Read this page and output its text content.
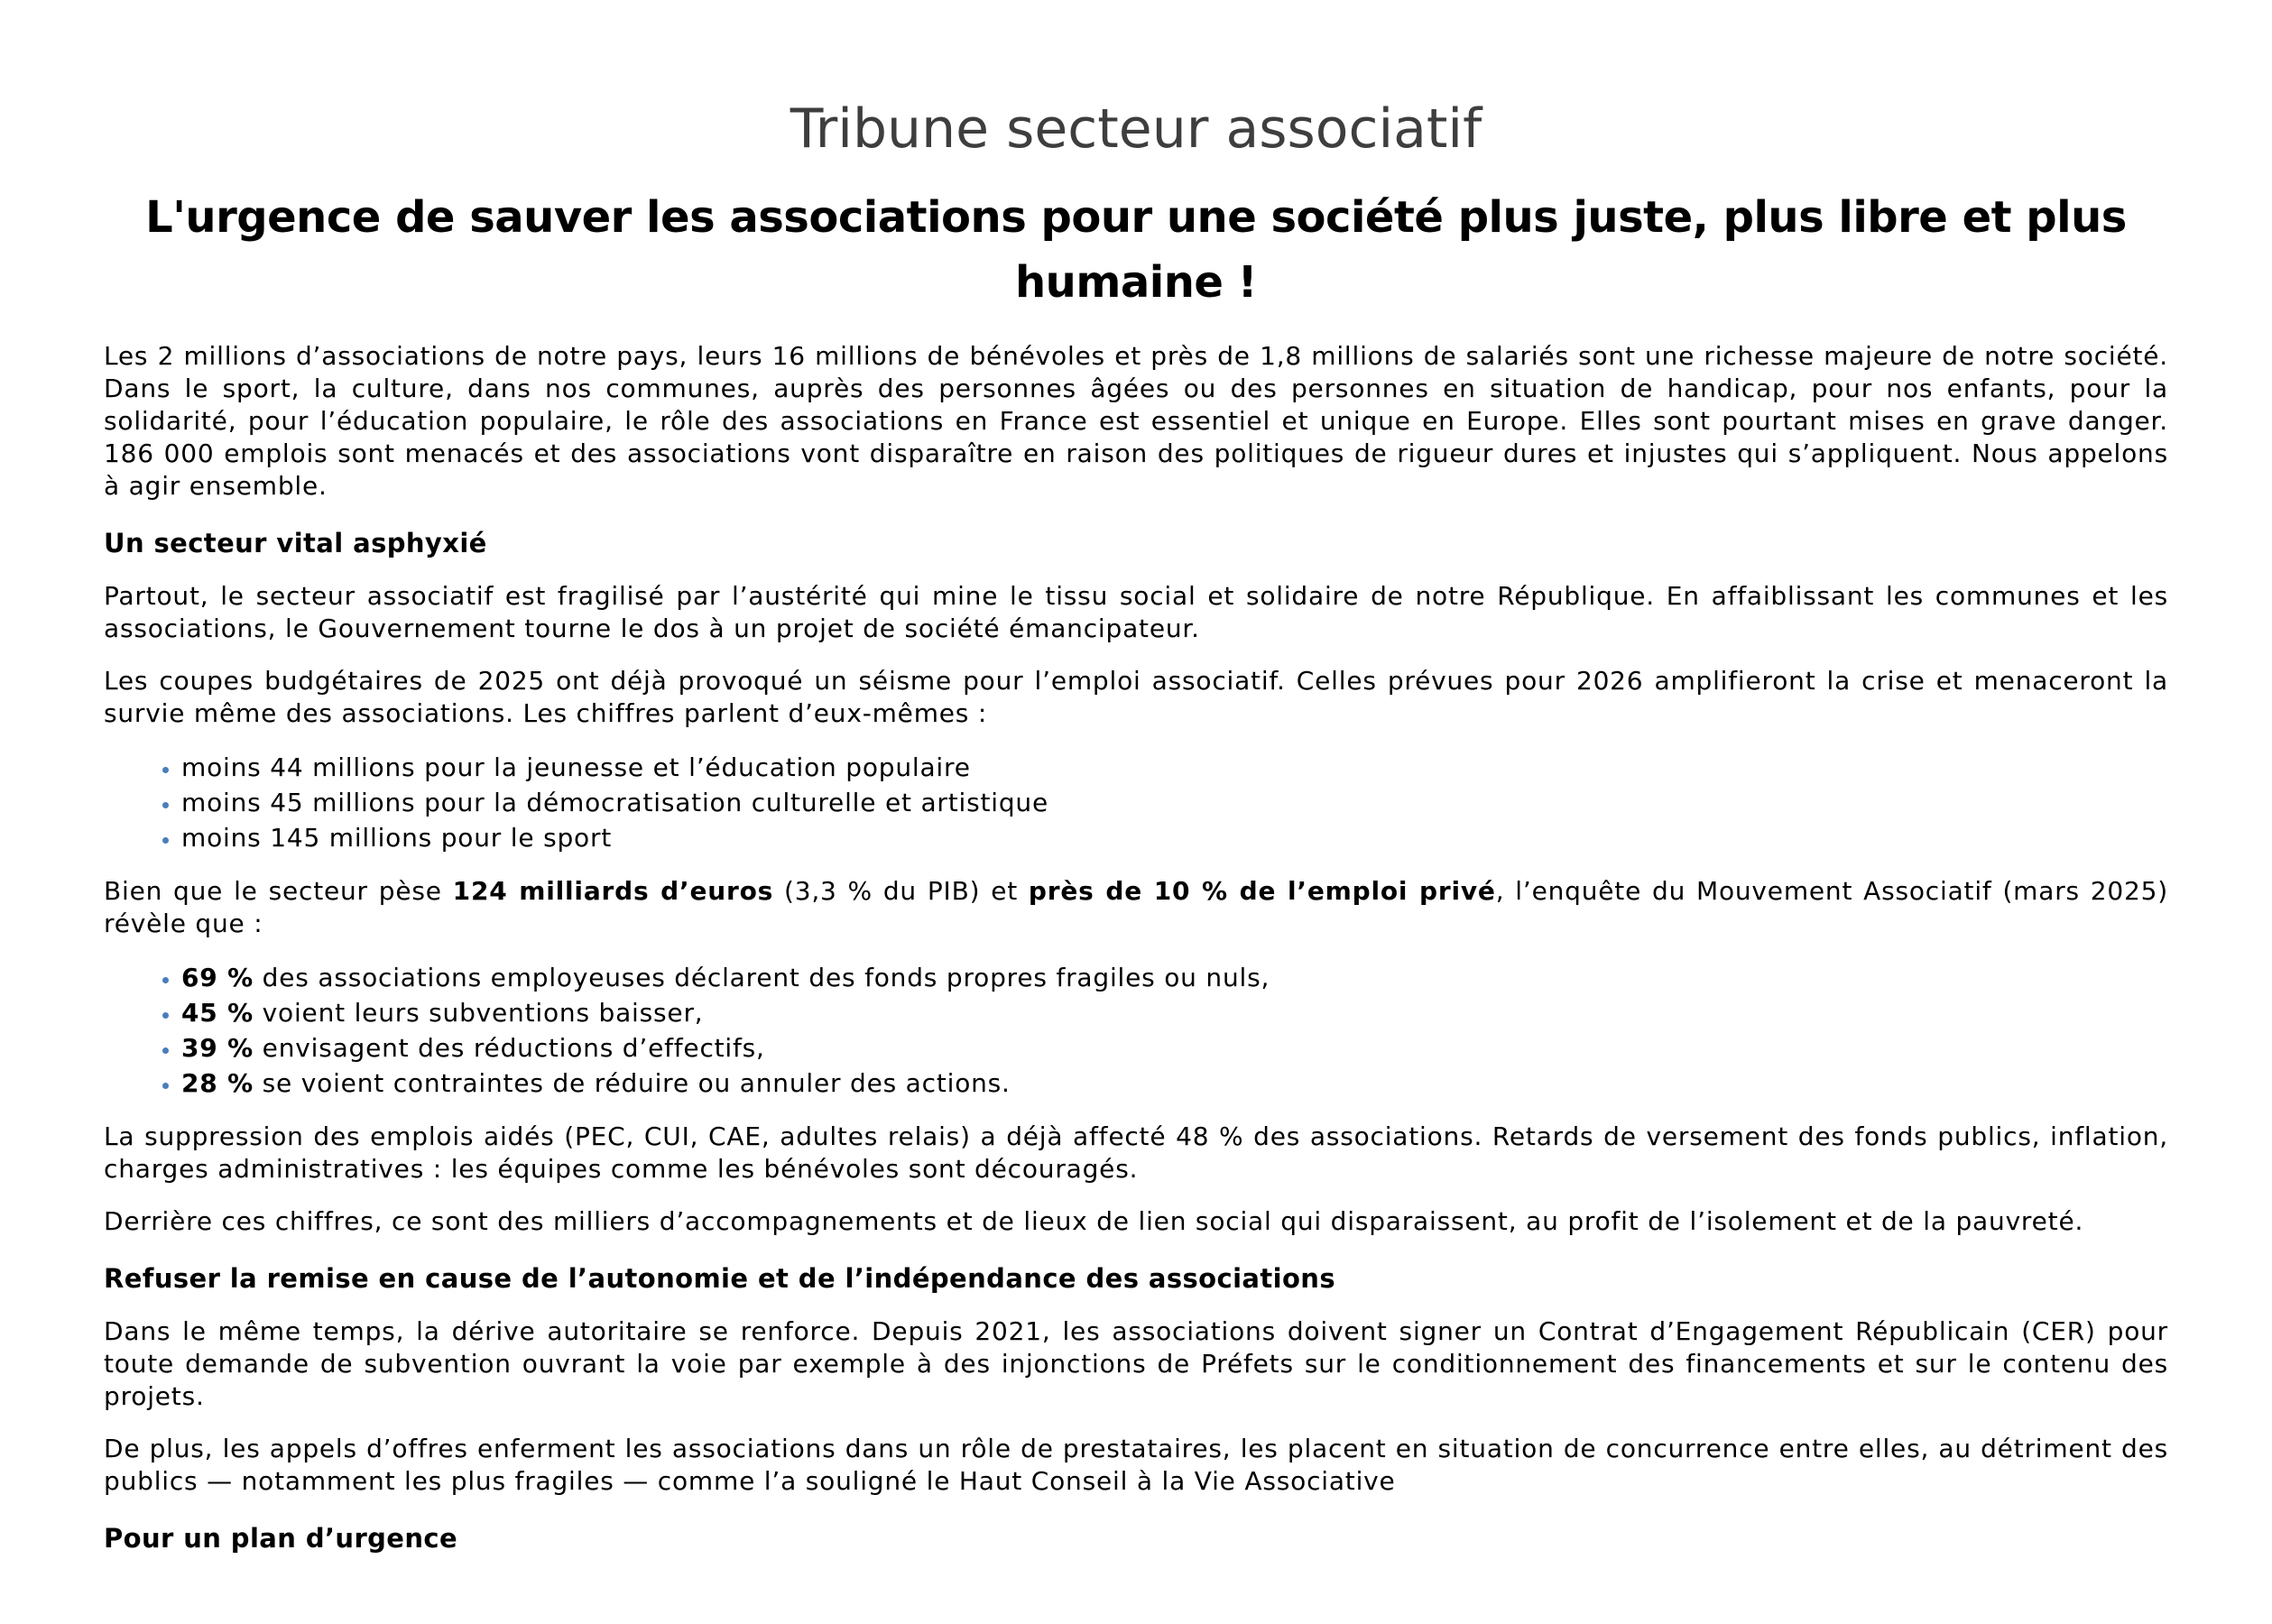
Tribune secteur associatif
L'urgence de sauver les associations pour une société plus juste, plus libre et plus humaine !

Les 2 millions d’associations de notre pays, leurs 16 millions de bénévoles et près de 1,8 millions de salariés sont une richesse majeure de notre société. Dans le sport, la culture, dans nos communes, auprès des personnes âgées ou des personnes en situation de handicap, pour nos enfants, pour la solidarité, pour l’éducation populaire, le rôle des associations en France est essentiel et unique en Europe. Elles sont pourtant mises en grave danger. 186 000 emplois sont menacés et des associations vont disparaître en raison des politiques de rigueur dures et injustes qui s’appliquent. Nous appelons à agir ensemble.

Un secteur vital asphyxié

Partout, le secteur associatif est fragilisé par l’austérité qui mine le tissu social et solidaire de notre République. En affaiblissant les communes et les associations, le Gouvernement tourne le dos à un projet de société émancipateur.

Les coupes budgétaires de 2025 ont déjà provoqué un séisme pour l’emploi associatif. Celles prévues pour 2026 amplifieront la crise et menaceront la survie même des associations. Les chiffres parlent d’eux-mêmes :

• moins 44 millions pour la jeunesse et l’éducation populaire
• moins 45 millions pour la démocratisation culturelle et artistique
• moins 145 millions pour le sport

Bien que le secteur pèse 124 milliards d’euros (3,3 % du PIB) et près de 10 % de l’emploi privé, l’enquête du Mouvement Associatif (mars 2025) révèle que :

• 69 % des associations employeuses déclarent des fonds propres fragiles ou nuls,
• 45 % voient leurs subventions baisser,
• 39 % envisagent des réductions d’effectifs,
• 28 % se voient contraintes de réduire ou annuler des actions.

La suppression des emplois aidés (PEC, CUI, CAE, adultes relais) a déjà affecté 48 % des associations. Retards de versement des fonds publics, inflation, charges administratives : les équipes comme les bénévoles sont découragés.

Derrière ces chiffres, ce sont des milliers d’accompagnements et de lieux de lien social qui disparaissent, au profit de l’isolement et de la pauvreté.

Refuser la remise en cause de l’autonomie et de l’indépendance des associations

Dans le même temps, la dérive autoritaire se renforce. Depuis 2021, les associations doivent signer un Contrat d’Engagement Républicain (CER) pour toute demande de subvention ouvrant la voie par exemple à des injonctions de Préfets sur le conditionnement des financements et sur le contenu des projets.

De plus, les appels d’offres enferment les associations dans un rôle de prestataires, les placent en situation de concurrence entre elles, au détriment des publics — notamment les plus fragiles — comme l’a souligné le Haut Conseil à la Vie Associative

Pour un plan d’urgence
